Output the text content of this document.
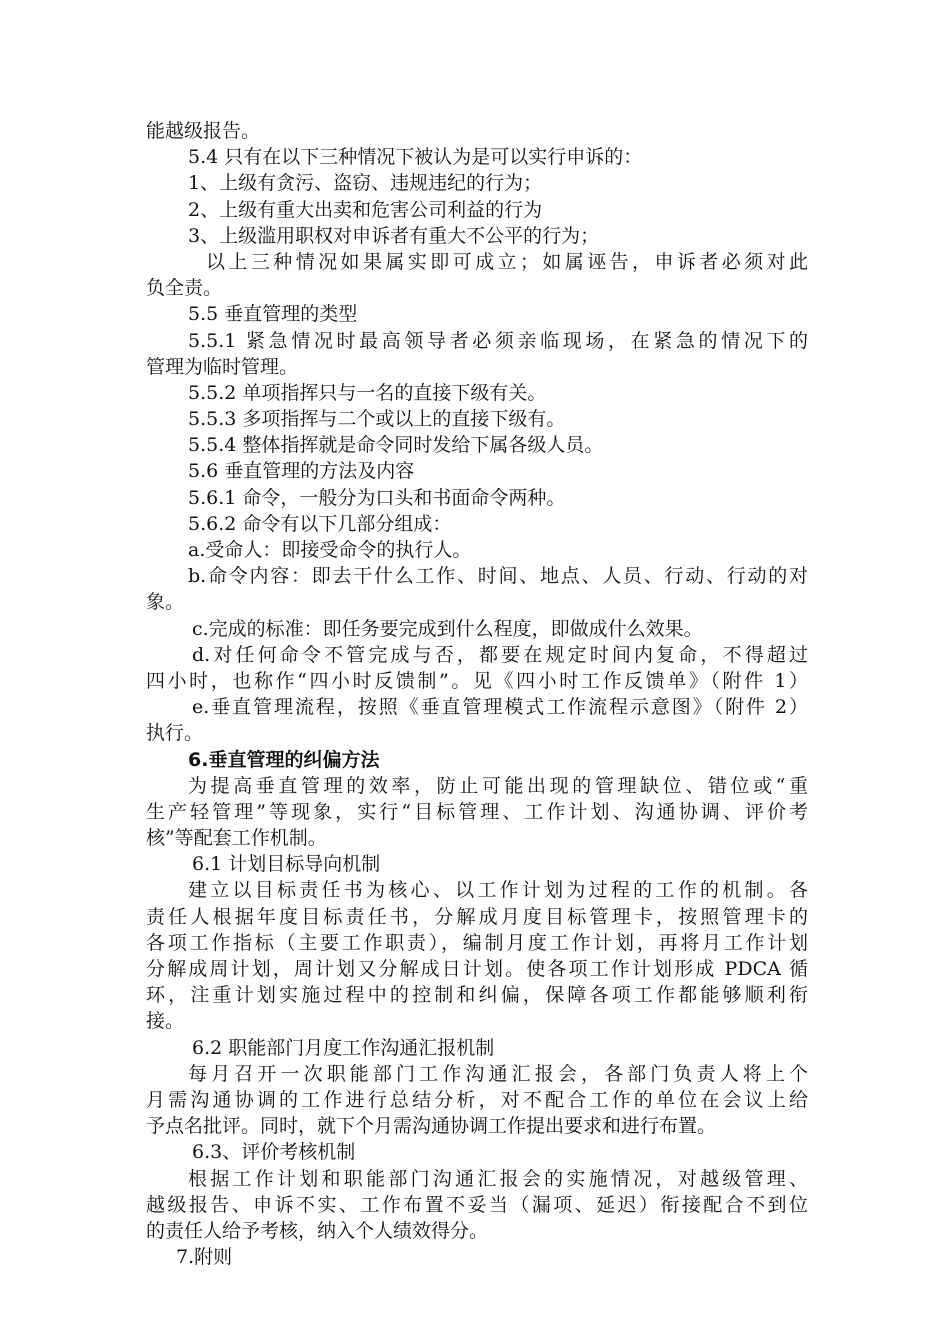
能越级报告。
5.4 只有在以下三种情况下被认为是可以实行申诉的：
1、上级有贪污、盗窃、违规违纪的行为；
2、上级有重大出卖和危害公司利益的行为
3、上级滥用职权对申诉者有重大不公平的行为；
以上三种情况如果属实即可成立；如属诬告，申诉者必须对此
负全责。
5.5 垂直管理的类型
5.5.1 紧急情况时最高领导者必须亲临现场，在紧急的情况下的
管理为临时管理。
5.5.2 单项指挥只与一名的直接下级有关。
5.5.3 多项指挥与二个或以上的直接下级有。
5.5.4 整体指挥就是命令同时发给下属各级人员。
5.6 垂直管理的方法及内容
5.6.1 命令，一般分为口头和书面命令两种。
5.6.2 命令有以下几部分组成：
a.受命人：即接受命令的执行人。
b.命令内容：即去干什么工作、时间、地点、人员、行动、行动的对
象。
c.完成的标准：即任务要完成到什么程度，即做成什么效果。
d.对任何命令不管完成与否，都要在规定时间内复命，不得超过
四小时，也称作“四小时反馈制”。见《四小时工作反馈单》（附件 1）
e.垂直管理流程，按照《垂直管理模式工作流程示意图》（附件 2）
执行。
6.垂直管理的纠偏方法
为提高垂直管理的效率，防止可能出现的管理缺位、错位或“重
生产轻管理”等现象，实行“目标管理、工作计划、沟通协调、评价考
核”等配套工作机制。
6.1 计划目标导向机制
建立以目标责任书为核心、以工作计划为过程的工作的机制。各
责任人根据年度目标责任书，分解成月度目标管理卡，按照管理卡的
各项工作指标（主要工作职责），编制月度工作计划，再将月工作计划
分解成周计划，周计划又分解成日计划。使各项工作计划形成 PDCA 循
环，注重计划实施过程中的控制和纠偏，保障各项工作都能够顺利衔
接。
6.2 职能部门月度工作沟通汇报机制
每月召开一次职能部门工作沟通汇报会，各部门负责人将上个
月需沟通协调的工作进行总结分析，对不配合工作的单位在会议上给
予点名批评。同时，就下个月需沟通协调工作提出要求和进行布置。
6.3、评价考核机制
根据工作计划和职能部门沟通汇报会的实施情况，对越级管理、
越级报告、申诉不实、工作布置不妥当（漏项、延迟）衔接配合不到位
的责任人给予考核，纳入个人绩效得分。
7.附则
